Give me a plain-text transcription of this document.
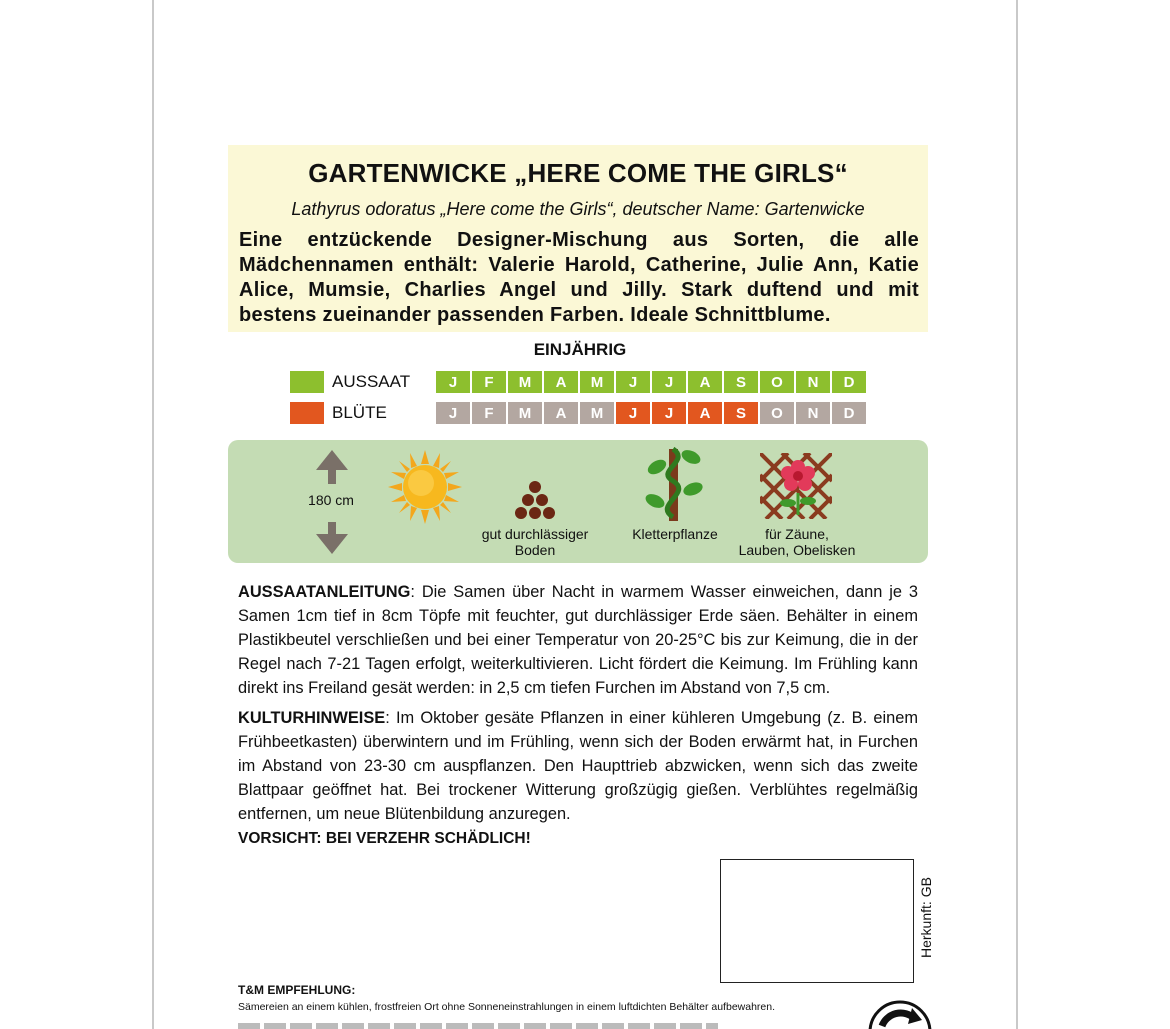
GARTENWICKE „HERE COME THE GIRLS“
Lathyrus odoratus „Here come the Girls“, deutscher Name: Gartenwicke
Eine entzückende Designer-Mischung aus Sorten, die alle Mädchennamen enthält: Valerie Harold, Catherine, Julie Ann, Katie Alice, Mumsie, Charlies Angel und Jilly. Stark duftend und mit bestens zueinander passenden Farben. Ideale Schnittblume.
EINJÄHRIG
AUSSAAT	J	F	M	A	M	J	J	A	S	O	N	D
BLÜTE	J	F	M	A	M	J	J	A	S	O	N	D
180 cm
gut durchlässiger
Boden
Kletterpflanze	für Zäune,
Lauben, Obelisken
AUSSAATANLEITUNG: Die Samen über Nacht in warmem Wasser einweichen, dann je 3 Samen 1cm tief in 8cm Töpfe mit feuchter, gut durchlässiger Erde säen. Behälter in einem Plastikbeutel verschließen und bei einer Temperatur von 20-25°C bis zur Keimung, die in der Regel nach 7-21 Tagen erfolgt, weiterkultivieren. Licht fördert die Keimung. Im Frühling kann direkt ins Freiland gesät werden: in 2,5 cm tiefen Furchen im Abstand von 7,5 cm.
KULTURHINWEISE: Im Oktober gesäte Pflanzen in einer kühleren Umgebung (z. B. einem Frühbeetkasten) überwintern und im Frühling, wenn sich der Boden erwärmt hat, in Furchen im Abstand von 23-30 cm auspflanzen. Den Haupttrieb abzwicken, wenn sich das zweite Blattpaar geöffnet hat. Bei trockener Witterung großzügig gießen. Verblühtes regelmäßig entfernen, um neue Blütenbildung anzuregen.
VORSICHT: BEI VERZEHR SCHÄDLICH!
Herkunft: GB
T&M EMPFEHLUNG:
Sämereien an einem kühlen, frostfreien Ort ohne Sonneneinstrahlungen in einem luftdichten Behälter aufbewahren.
